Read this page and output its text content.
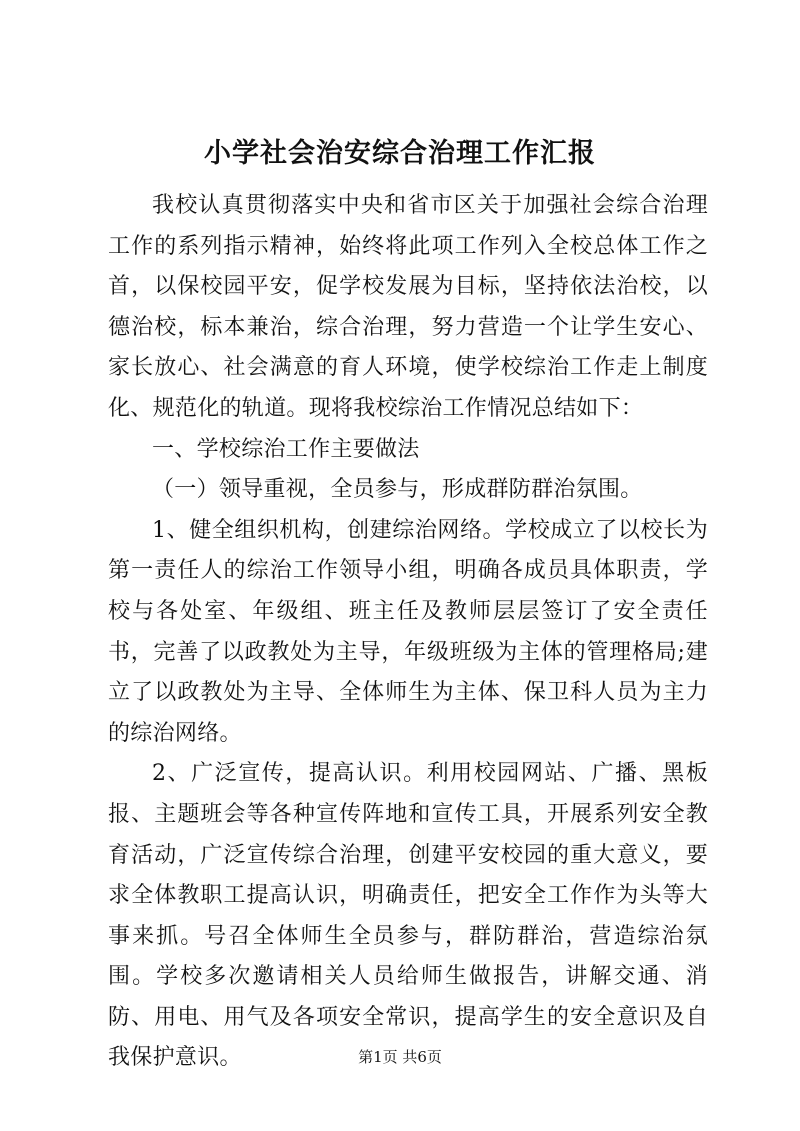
小学社会治安综合治理工作汇报

我校认真贯彻落实中央和省市区关于加强社会综合治理工作的系列指示精神，始终将此项工作列入全校总体工作之首，以保校园平安，促学校发展为目标，坚持依法治校，以德治校，标本兼治，综合治理，努力营造一个让学生安心、家长放心、社会满意的育人环境，使学校综治工作走上制度化、规范化的轨道。现将我校综治工作情况总结如下：

一、学校综治工作主要做法

（一）领导重视，全员参与，形成群防群治氛围。

1、健全组织机构，创建综治网络。学校成立了以校长为第一责任人的综治工作领导小组，明确各成员具体职责，学校与各处室、年级组、班主任及教师层层签订了安全责任书，完善了以政教处为主导，年级班级为主体的管理格局;建立了以政教处为主导、全体师生为主体、保卫科人员为主力的综治网络。

2、广泛宣传，提高认识。利用校园网站、广播、黑板报、主题班会等各种宣传阵地和宣传工具，开展系列安全教育活动，广泛宣传综合治理，创建平安校园的重大意义，要求全体教职工提高认识，明确责任，把安全工作作为头等大事来抓。号召全体师生全员参与，群防群治，营造综治氛围。学校多次邀请相关人员给师生做报告，讲解交通、消防、用电、用气及各项安全常识，提高学生的安全意识及自我保护意识。	第1页 共6页
